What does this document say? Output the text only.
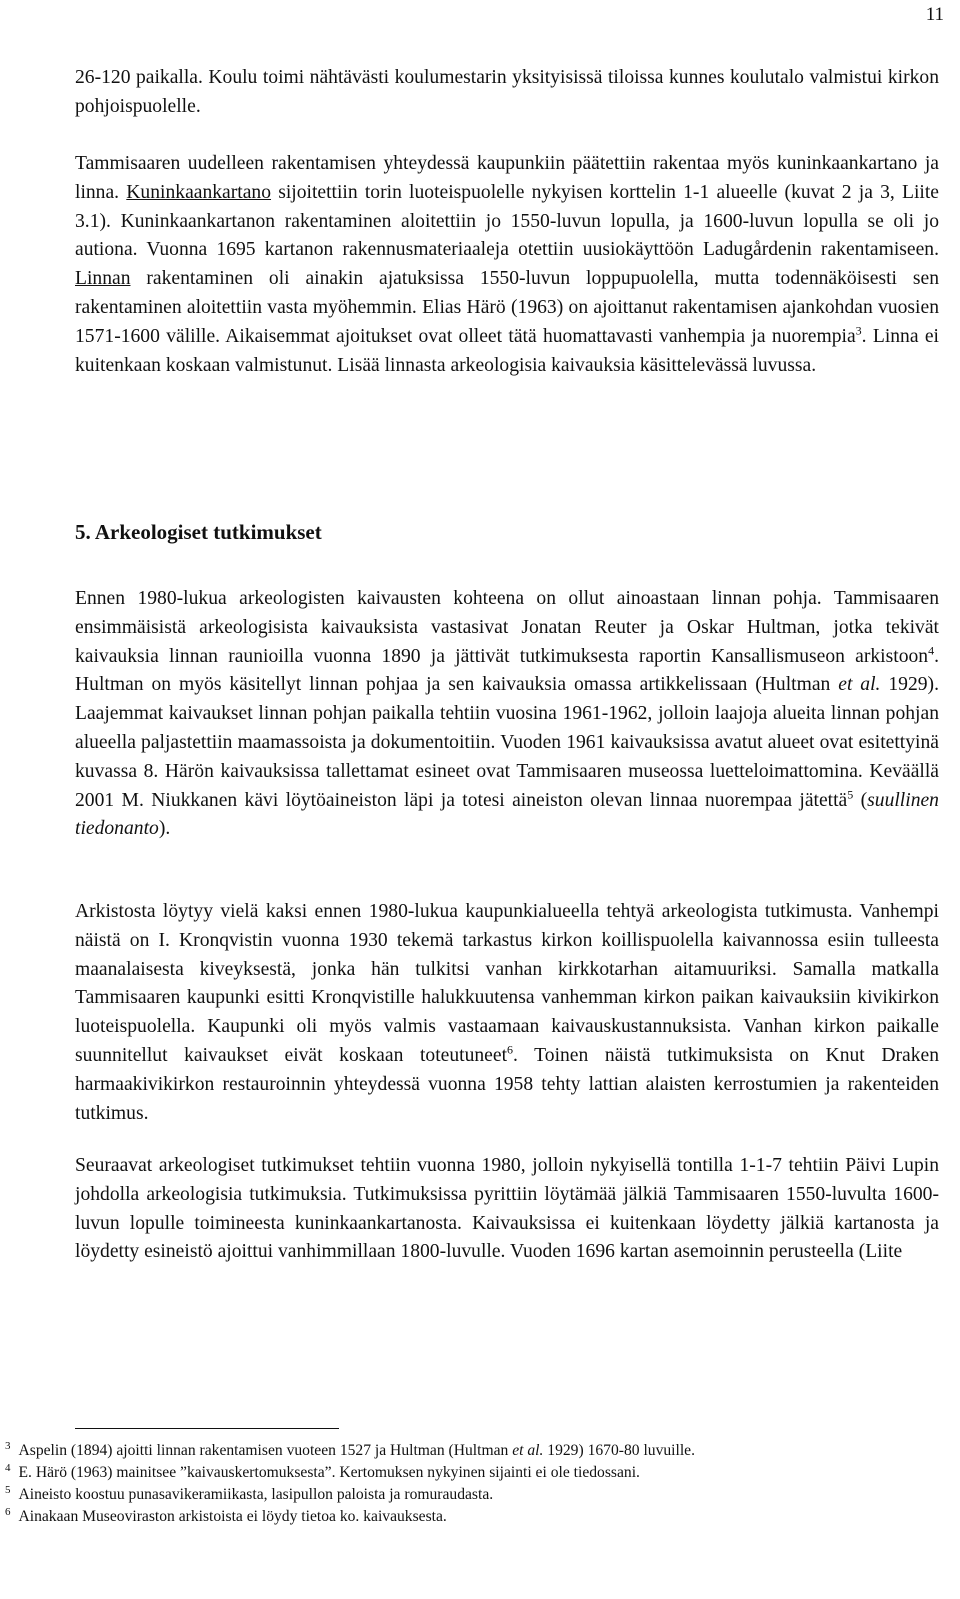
11

26-120 paikalla. Koulu toimi nähtävästi koulumestarin yksityisissä tiloissa kunnes koulutalo valmistui kirkon pohjoispuolelle.

Tammisaaren uudelleen rakentamisen yhteydessä kaupunkiin päätettiin rakentaa myös kuninkaankartano ja linna. Kuninkaankartano sijoitettiin torin luoteispuolelle nykyisen korttelin 1-1 alueelle (kuvat 2 ja 3, Liite 3.1). Kuninkaankartanon rakentaminen aloitettiin jo 1550-luvun lopulla, ja 1600-luvun lopulla se oli jo autiona. Vuonna 1695 kartanon rakennusmateriaaleja otettiin uusiokäyttöön Ladugårdenin rakentamiseen. Linnan rakentaminen oli ainakin ajatuksissa 1550-luvun loppupuolella, mutta todennäköisesti sen rakentaminen aloitettiin vasta myöhemmin. Elias Härö (1963) on ajoittanut rakentamisen ajankohdan vuosien 1571-1600 välille. Aikaisemmat ajoitukset ovat olleet tätä huomattavasti vanhempia ja nuorempia$^3$. Linna ei kuitenkaan koskaan valmistunut. Lisää linnasta arkeologisia kaivauksia käsittelevässä luvussa.

5. Arkeologiset tutkimukset

Ennen 1980-lukua arkeologisten kaivausten kohteena on ollut ainoastaan linnan pohja. Tammisaaren ensimmäisistä arkeologisista kaivauksista vastasivat Jonatan Reuter ja Oskar Hultman, jotka tekivät kaivauksia linnan raunioilla vuonna 1890 ja jättivät tutkimuksesta raportin Kansallismuseon arkistoon$^4$. Hultman on myös käsitellyt linnan pohjaa ja sen kaivauksia omassa artikkelissaan (Hultman et al. 1929). Laajemmat kaivaukset linnan pohjan paikalla tehtiin vuosina 1961-1962, jolloin laajoja alueita linnan pohjan alueella paljastettiin maamassoista ja dokumentoitiin. Vuoden 1961 kaivauksissa avatut alueet ovat esitettyinä kuvassa 8. Härön kaivauksissa tallettamat esineet ovat Tammisaaren museossa luetteloimattomina. Keväällä 2001 M. Niukkanen kävi löytöaineiston läpi ja totesi aineiston olevan linnaa nuorempaa jätettä$^5$ (suullinen tiedonanto).

Arkistosta löytyy vielä kaksi ennen 1980-lukua kaupunkialueella tehtyä arkeologista tutkimusta. Vanhempi näistä on I. Kronqvistin vuonna 1930 tekemä tarkastus kirkon koillispuolella kaivannossa esiin tulleesta maanalaisesta kiveyksestä, jonka hän tulkitsi vanhan kirkkotarhan aitamuuriksi. Samalla matkalla Tammisaaren kaupunki esitti Kronqvistille halukkuutensa vanhemman kirkon paikan kaivauksiin kivikirkon luoteispuolella. Kaupunki oli myös valmis vastaamaan kaivauskustannuksista. Vanhan kirkon paikalle suunnitellut kaivaukset eivät koskaan toteutuneet$^6$. Toinen näistä tutkimuksista on Knut Draken harmaakivikirkon restauroinnin yhteydessä vuonna 1958 tehty lattian alaisten kerrostumien ja rakenteiden tutkimus.

Seuraavat arkeologiset tutkimukset tehtiin vuonna 1980, jolloin nykyisellä tontilla 1-1-7 tehtiin Päivi Lupin johdolla arkeologisia tutkimuksia. Tutkimuksissa pyrittiin löytämää jälkiä Tammisaaren 1550-luvulta 1600-luvun lopulle toimineesta kuninkaankartanosta. Kaivauksissa ei kuitenkaan löydetty jälkiä kartanosta ja löydetty esineistö ajoittui vanhimmillaan 1800-luvulle. Vuoden 1696 kartan asemoinnin perusteella (Liite

$^3$ Aspelin (1894) ajoitti linnan rakentamisen vuoteen 1527 ja Hultman (Hultman et al. 1929) 1670-80 luvuille.

$^4$ E. Härö (1963) mainitsee ”kaivauskertomuksesta”. Kertomuksen nykyinen sijainti ei ole tiedossani.

$^5$ Aineisto koostuu punasavikeramiikasta, lasipullon paloista ja romuraudasta.

$^6$ Ainakaan Museoviraston arkistoista ei löydy tietoa ko. kaivauksesta.
